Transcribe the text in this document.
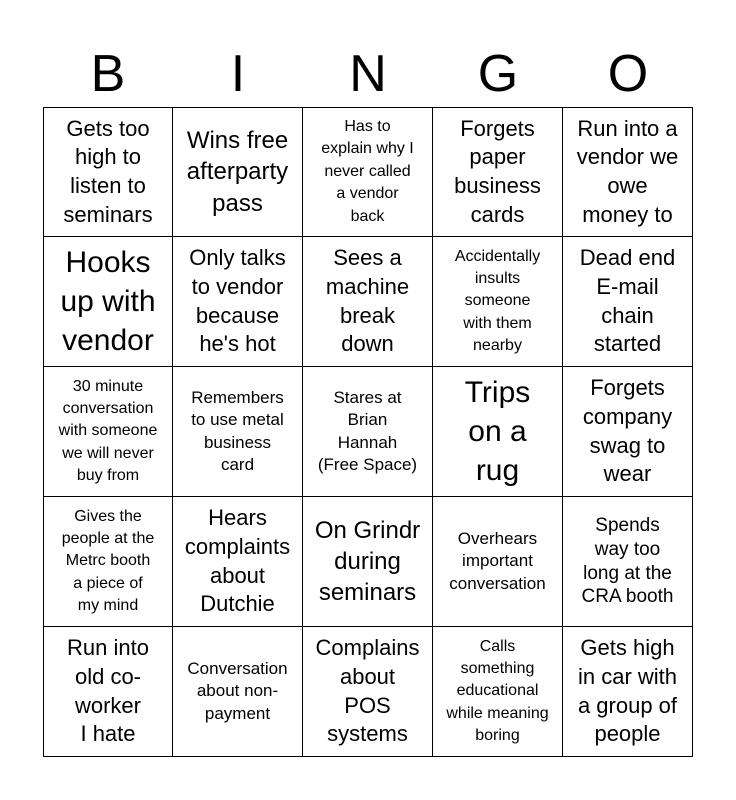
B	I	N	G	O
Gets too
high to
listen to
seminars
Wins free
afterparty
pass
Has to
explain why I
never called
a vendor
back
Forgets
paper
business
cards
Run into a
vendor we
owe
money to
Hooks
up with
vendor
Only talks
to vendor
because
he's hot
Sees a
machine
break
down
Accidentally
insults
someone
with them
nearby
Dead end
E-mail
chain
started
30 minute
conversation
with someone
we will never
buy from
Remembers
to use metal
business
card
Stares at
Brian
Hannah
(Free Space)
Trips
on a
rug
Forgets
company
swag to
wear
Gives the
people at the
Metrc booth
a piece of
my mind
Hears
complaints
about
Dutchie
On Grindr
during
seminars
Overhears
important
conversation
Spends
way too
long at the
CRA booth
Run into
old co-
worker
I hate
Conversation
about non-
payment
Complains
about
POS
systems
Calls
something
educational
while meaning
boring
Gets high
in car with
a group of
people
